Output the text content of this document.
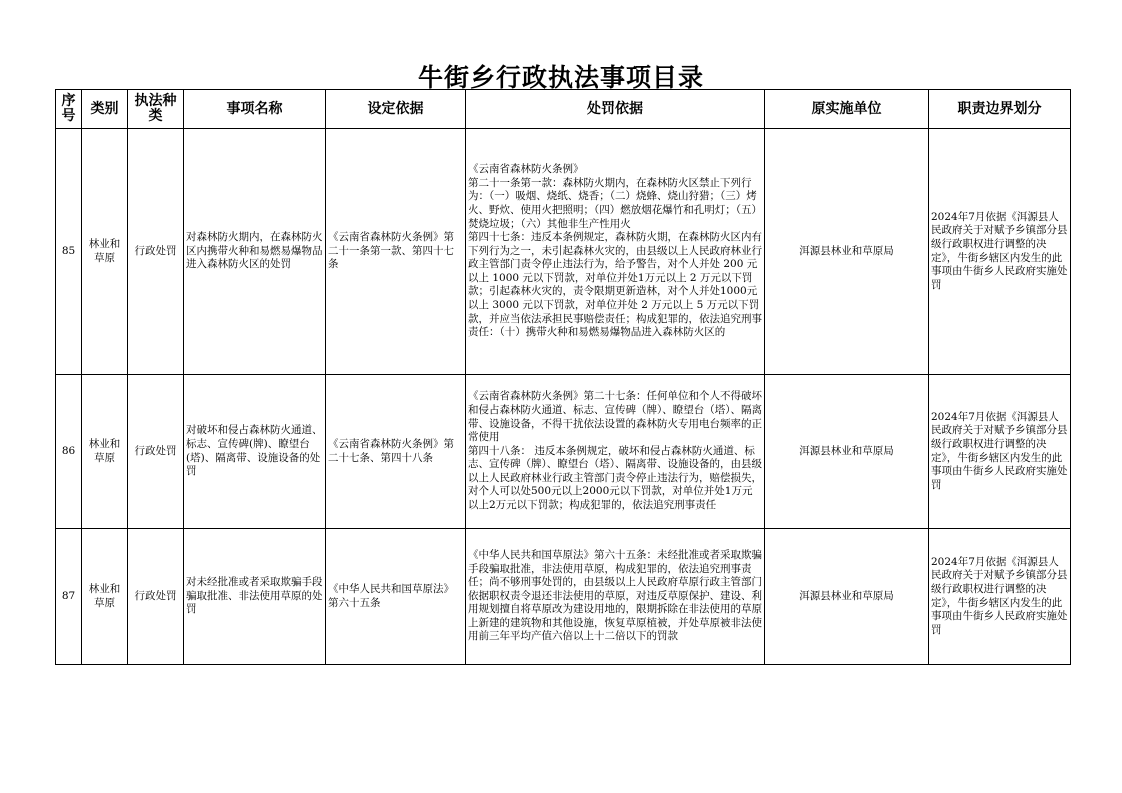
牛街乡行政执法事项目录
序号	类别	执法种类	事项名称	设定依据	处罚依据	原实施单位	职责边界划分
85	林业和草原	行政处罚	对森林防火期内，在森林防火区内携带火种和易燃易爆物品进入森林防火区的处罚	《云南省森林防火条例》第二十一条第一款、第四十七条	《云南省森林防火条例》
第二十一条第一款：森林防火期内，在森林防火区禁止下列行为：（一）吸烟、烧纸、烧香；（二）烧蜂、烧山狩猎；（三）烤火、野炊、使用火把照明；（四）燃放烟花爆竹和孔明灯；（五）焚烧垃圾；（六）其他非生产性用火
第四十七条：违反本条例规定，森林防火期，在森林防火区内有下列行为之一，未引起森林火灾的，由县级以上人民政府林业行政主管部门责令停止违法行为，给予警告，对个人并处 200 元以上 1000 元以下罚款，对单位并处1万元以上 2 万元以下罚款；引起森林火灾的，责令限期更新造林，对个人并处1000元以上 3000 元以下罚款，对单位并处 2 万元以上 5 万元以下罚款，并应当依法承担民事赔偿责任；构成犯罪的，依法追究刑事责任：（十）携带火种和易燃易爆物品进入森林防火区的	洱源县林业和草原局	2024年7月依据《洱源县人民政府关于对赋予乡镇部分县级行政职权进行调整的决定》，牛街乡辖区内发生的此事项由牛街乡人民政府实施处罚
86	林业和草原	行政处罚	对破坏和侵占森林防火通道、标志、宣传碑(牌)、瞭望台(塔)、隔离带、设施设备的处罚	《云南省森林防火条例》第二十七条、第四十八条	《云南省森林防火条例》第二十七条：任何单位和个人不得破坏和侵占森林防火通道、标志、宣传碑（牌）、瞭望台（塔）、隔离带、设施设备，不得干扰依法设置的森林防火专用电台频率的正常使用
第四十八条： 违反本条例规定，破坏和侵占森林防火通道、标志、宣传碑（牌）、瞭望台（塔）、隔离带、设施设备的，由县级以上人民政府林业行政主管部门责令停止违法行为，赔偿损失，对个人可以处500元以上2000元以下罚款，对单位并处1万元以上2万元以下罚款；构成犯罪的，依法追究刑事责任	洱源县林业和草原局	2024年7月依据《洱源县人民政府关于对赋予乡镇部分县级行政职权进行调整的决定》，牛街乡辖区内发生的此事项由牛街乡人民政府实施处罚
87	林业和草原	行政处罚	对未经批准或者采取欺骗手段骗取批准、非法使用草原的处罚	《中华人民共和国草原法》第六十五条	《中华人民共和国草原法》第六十五条：未经批准或者采取欺骗手段骗取批准，非法使用草原，构成犯罪的，依法追究刑事责任；尚不够刑事处罚的，由县级以上人民政府草原行政主管部门依据职权责令退还非法使用的草原，对违反草原保护、建设、利用规划擅自将草原改为建设用地的，限期拆除在非法使用的草原上新建的建筑物和其他设施，恢复草原植被，并处草原被非法使用前三年平均产值六倍以上十二倍以下的罚款	洱源县林业和草原局	2024年7月依据《洱源县人民政府关于对赋予乡镇部分县级行政职权进行调整的决定》，牛街乡辖区内发生的此事项由牛街乡人民政府实施处罚
